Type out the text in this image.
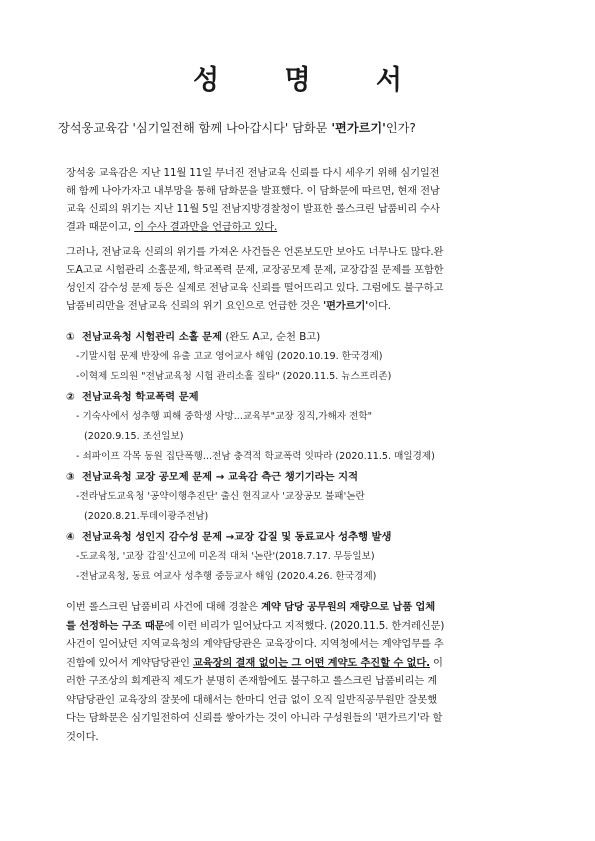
성 명 서
장석웅교육감 '심기일전해 함께 나아갑시다' 담화문 '편가르기'인가?
장석웅 교육감은 지난 11월 11일 무너진 전남교육 신뢰를 다시 세우기 위해 심기일전
해 함께 나아가자고 내부망을 통해 담화문을 발표했다. 이 담화문에 따르면, 현재 전남
교육 신뢰의 위기는 지난 11월 5일 전남지방경찰청이 발표한 롤스크린 납품비리 수사
결과 때문이고, 이 수사 결과만을 언급하고 있다.
그러나, 전남교육 신뢰의 위기를 가져온 사건들은 언론보도만 보아도 너무나도 많다.완
도A고교 시험관리 소홀문제, 학교폭력 문제, 교장공모제 문제, 교장갑질 문제를 포함한
성인지 감수성 문제 등은 실제로 전남교육 신뢰를 떨어뜨리고 있다. 그럼에도 불구하고
납품비리만을 전남교육 신뢰의 위기 요인으로 언급한 것은 '편가르기'이다.
① 전남교육청 시험관리 소홀 문제 (완도 A고, 순천 B고)
-기말시험 문제 반장에 유출 고교 영어교사 해임 (2020.10.19. 한국경제)
-이혁제 도의원 "전남교육청 시험 관리소홀 질타" (2020.11.5. 뉴스프리존)
② 전남교육청 학교폭력 문제
- 기숙사에서 성추행 피해 중학생 사망...교육부"교장 징직,가해자 전학"
(2020.9.15. 조선일보)
- 쇠파이프 각목 동원 집단폭행...전남 충격적 학교폭력 잇따라 (2020.11.5. 매일경제)
③ 전남교육청 교장 공모제 문제 → 교육감 측근 챙기기라는 지적
-전라남도교육청 '공약이행추진단' 출신 현직교사 '교장공모 불패'논란
(2020.8.21.투데이광주전남)
④ 전남교육청 성인지 감수성 문제 →교장 갑질 및 동료교사 성추행 발생
-도교육청, '교장 갑질'신고에 미온적 대처 '논란'(2018.7.17. 무등일보)
-전남교육청, 동료 여교사 성추행 중등교사 해임 (2020.4.26. 한국경제)
이번 롤스크린 납품비리 사건에 대해 경찰은 계약 담당 공무원의 재량으로 납품 업체
를 선정하는 구조 때문에 이런 비리가 일어났다고 지적했다. (2020.11.5. 한겨레신문)
사건이 일어났던 지역교육청의 계약담당관은 교육장이다. 지역청에서는 계약업무를 추
진함에 있어서 계약담당관인 교육장의 결재 없이는 그 어떤 계약도 추진할 수 없다. 이
러한 구조상의 회계관직 제도가 분명히 존재함에도 불구하고 롤스크린 납품비리는 계
약담당관인 교육장의 잘못에 대해서는 한마디 언급 없이 오직 일반직공무원만 잘못했
다는 담화문은 심기일전하여 신뢰를 쌓아가는 것이 아니라 구성원들의 '편가르기'라 할
것이다.
